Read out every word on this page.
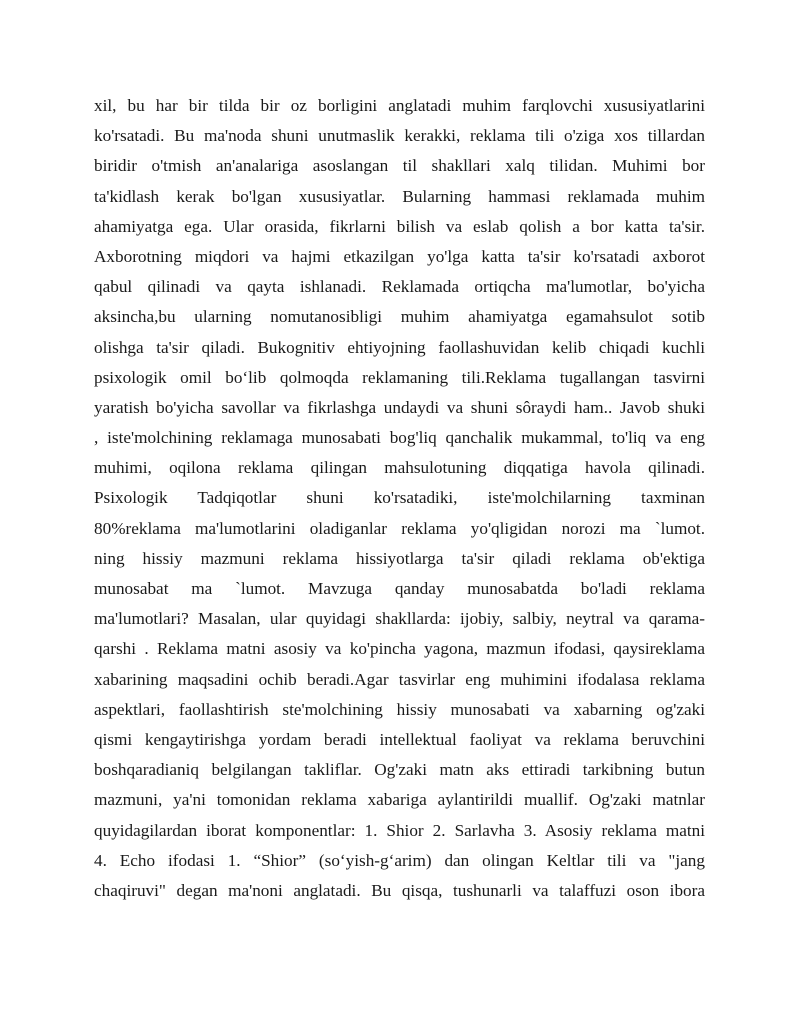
xil, bu har bir tilda bir oz borligini anglatadi muhim farqlovchi xususiyatlarini
ko'rsatadi. Bu ma'noda shuni unutmaslik kerakki, reklama tili o'ziga xos tillardan
biridir o'tmish an'analariga asoslangan til shakllari xalq tilidan. Muhimi bor
ta'kidlash kerak bo'lgan xususiyatlar. Bularning hammasi reklamada muhim
ahamiyatga ega. Ular orasida, fikrlarni bilish va eslab qolish a bor katta ta'sir.
Axborotning miqdori va hajmi etkazilgan yo'lga katta ta'sir ko'rsatadi axborot
qabul qilinadi va qayta ishlanadi. Reklamada ortiqcha ma'lumotlar, bo'yicha
aksincha,bu ularning nomutanosibligi muhim ahamiyatga egamahsulot sotib
olishga ta'sir qiladi. Bukognitiv ehtiyojning faollashuvidan kelib chiqadi kuchli
psixologik omil bo‘lib qolmoqda reklamaning tili.Reklama tugallangan tasvirni
yaratish bo'yicha savollar va fikrlashga undaydi va shuni sôraydi ham.. Javob shuki
, iste'molchining reklamaga munosabati bog'liq qanchalik mukammal, to'liq va eng
muhimi, oqilona reklama qilingan mahsulotuning diqqatiga havola qilinadi.
Psixologik Tadqiqotlar shuni ko'rsatadiki, iste'molchilarning taxminan
80%reklama ma'lumotlarini oladiganlar reklama yo'qligidan norozi ma `lumot.
ning hissiy mazmuni reklama hissiyotlarga ta'sir qiladi reklama ob'ektiga
munosabat ma `lumot. Mavzuga qanday munosabatda bo'ladi reklama
ma'lumotlari? Masalan, ular quyidagi shakllarda: ijobiy, salbiy, neytral va qarama-
qarshi . Reklama matni asosiy va ko'pincha yagona, mazmun ifodasi, qaysireklama
xabarining maqsadini ochib beradi.Agar tasvirlar eng muhimini ifodalasa reklama
aspektlari, faollashtirish ste'molchining hissiy munosabati va xabarning og'zaki
qismi kengaytirishga yordam beradi intellektual faoliyat va reklama beruvchini
boshqaradianiq belgilangan takliflar. Og'zaki matn aks ettiradi tarkibning butun
mazmuni, ya'ni tomonidan reklama xabariga aylantirildi muallif. Og'zaki matnlar
quyidagilardan iborat komponentlar: 1. Shior 2. Sarlavha 3. Asosiy reklama matni
4. Echo ifodasi 1. “Shior” (so‘yish-g‘arim) dan olingan Keltlar tili va "jang
chaqiruvi" degan ma'noni anglatadi. Bu qisqa, tushunarli va talaffuzi oson ibora
